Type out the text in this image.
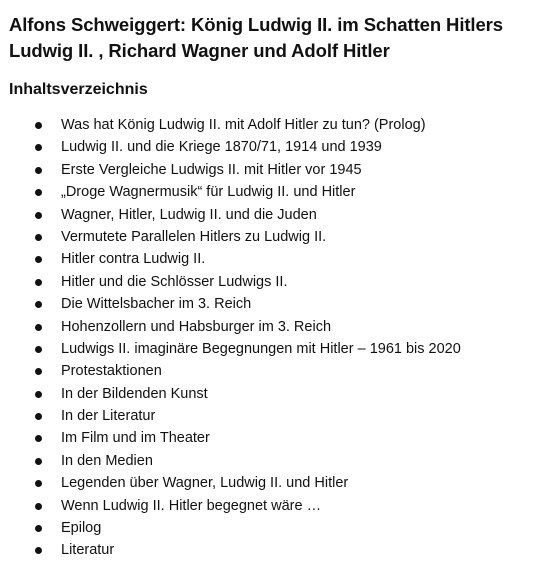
Alfons Schweiggert: König Ludwig II. im Schatten Hitlers
Ludwig II. , Richard Wagner und Adolf Hitler
Inhaltsverzeichnis
Was hat König Ludwig II. mit Adolf Hitler zu tun? (Prolog)
Ludwig II. und die Kriege 1870/71, 1914 und 1939
Erste Vergleiche Ludwigs II. mit Hitler vor 1945
„Droge Wagnermusik“ für Ludwig II. und Hitler
Wagner, Hitler, Ludwig II. und die Juden
Vermutete Parallelen Hitlers zu Ludwig II.
Hitler contra Ludwig II.
Hitler und die Schlösser Ludwigs II.
Die Wittelsbacher im 3. Reich
Hohenzollern und Habsburger im 3. Reich
Ludwigs II. imaginäre Begegnungen mit Hitler – 1961 bis 2020
Protestaktionen
In der Bildenden Kunst
In der Literatur
Im Film und im Theater
In den Medien
Legenden über Wagner, Ludwig II. und Hitler
Wenn Ludwig II. Hitler begegnet wäre …
Epilog
Literatur
